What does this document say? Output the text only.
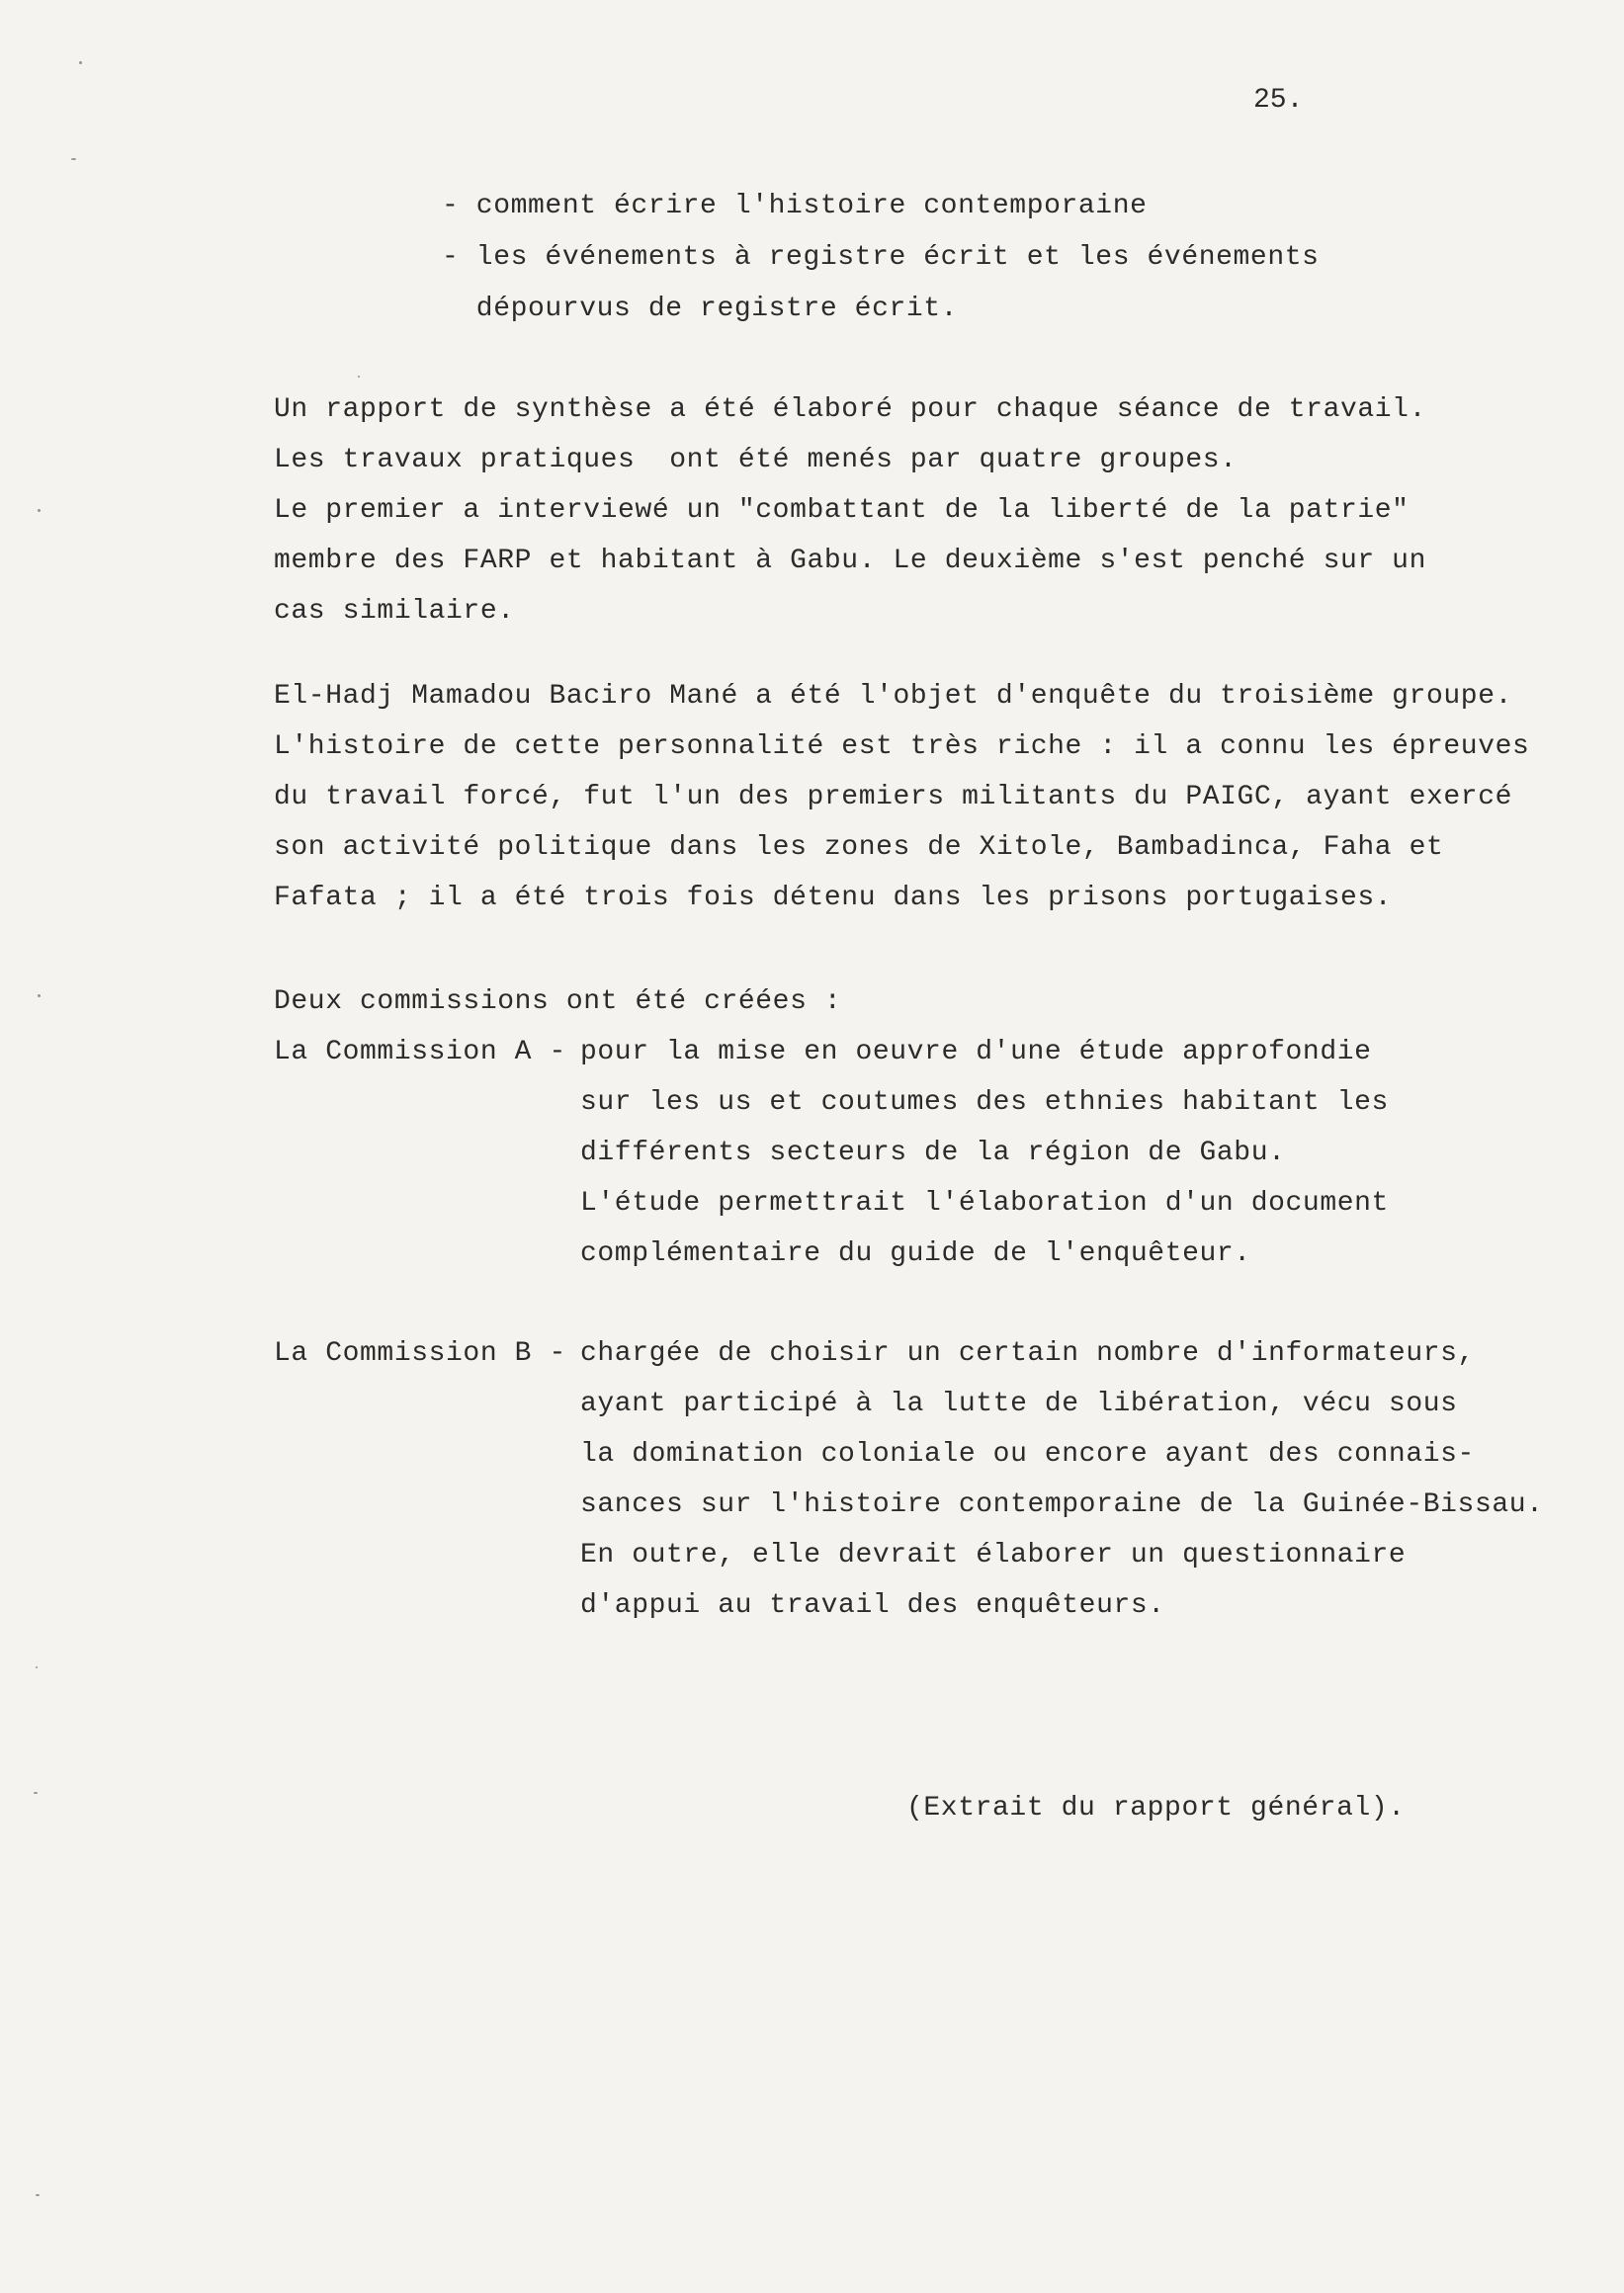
25.
- comment écrire l'histoire contemporaine
- les événements à registre écrit et les événements
dépourvus de registre écrit.
Un rapport de synthèse a été élaboré pour chaque séance de travail.
Les travaux pratiques  ont été menés par quatre groupes.
Le premier a interviewé un "combattant de la liberté de la patrie"
membre des FARP et habitant à Gabu. Le deuxième s'est penché sur un
cas similaire.
El-Hadj Mamadou Baciro Mané a été l'objet d'enquête du troisième groupe.
L'histoire de cette personnalité est très riche : il a connu les épreuves
du travail forcé, fut l'un des premiers militants du PAIGC, ayant exercé
son activité politique dans les zones de Xitole, Bambadinca, Faha et
Fafata ; il a été trois fois détenu dans les prisons portugaises.
Deux commissions ont été créées :
La Commission A - pour la mise en oeuvre d'une étude approfondie
sur les us et coutumes des ethnies habitant les
différents secteurs de la région de Gabu.
L'étude permettrait l'élaboration d'un document
complémentaire du guide de l'enquêteur.
La Commission B - chargée de choisir un certain nombre d'informateurs,
ayant participé à la lutte de libération, vécu sous
la domination coloniale ou encore ayant des connais-
sances sur l'histoire contemporaine de la Guinée-Bissau.
En outre, elle devrait élaborer un questionnaire
d'appui au travail des enquêteurs.
(Extrait du rapport général).
